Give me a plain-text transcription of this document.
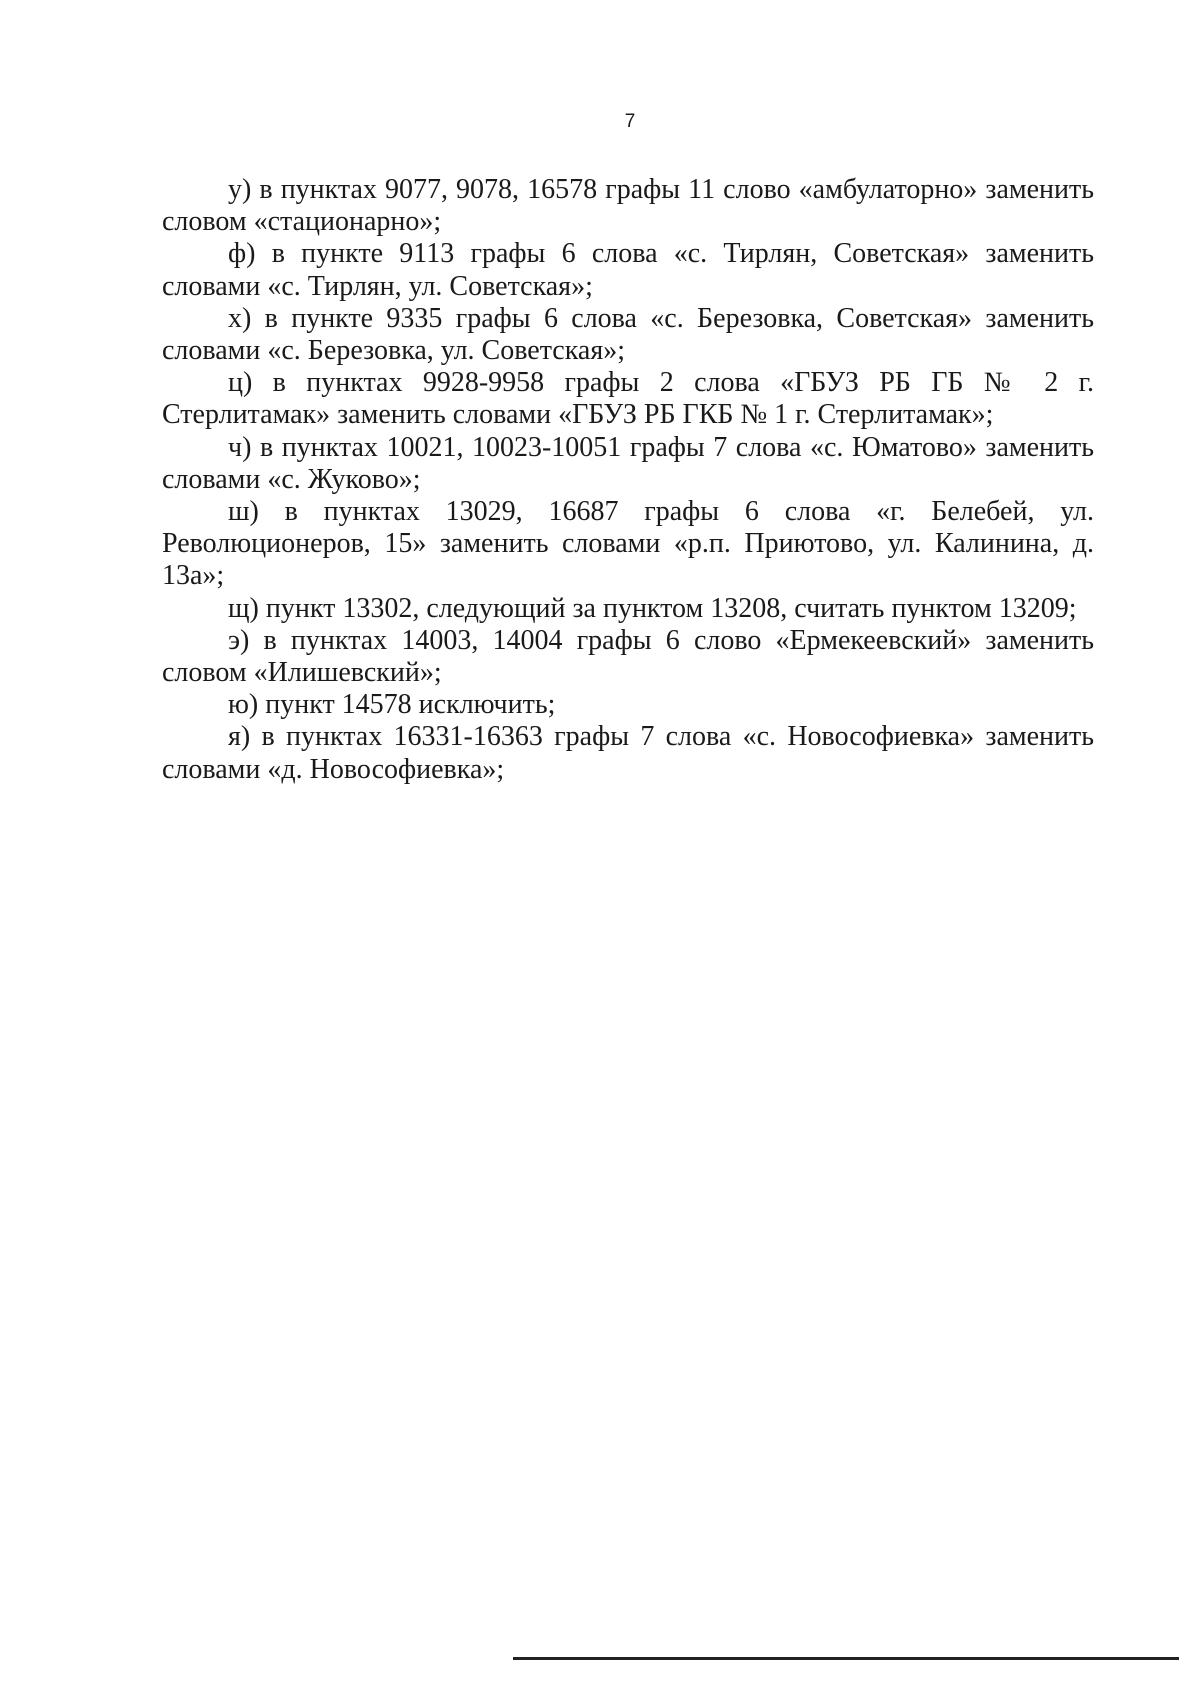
7

у) в пунктах 9077, 9078, 16578 графы 11 слово «амбулаторно» заменить словом «стационарно»;

ф) в пункте 9113 графы 6 слова «с. Тирлян, Советская» заменить словами «с. Тирлян, ул. Советская»;

х) в пункте 9335 графы 6 слова «с. Березовка, Советская» заменить словами «с. Березовка, ул. Советская»;

ц) в пунктах 9928-9958 графы 2 слова «ГБУЗ РБ ГБ № 2 г. Стерлитамак» заменить словами «ГБУЗ РБ ГКБ № 1 г. Стерлитамак»;

ч) в пунктах 10021, 10023-10051 графы 7 слова «с. Юматово» заменить словами «с. Жуково»;

ш) в пунктах 13029, 16687 графы 6 слова «г. Белебей, ул. Революционеров, 15» заменить словами «р.п. Приютово, ул. Калинина, д. 13а»;

щ) пункт 13302, следующий за пунктом 13208, считать пунктом 13209;

э) в пунктах 14003, 14004 графы 6 слово «Ермекеевский» заменить словом «Илишевский»;

ю) пункт 14578 исключить;

я) в пунктах 16331-16363 графы 7 слова «с. Новософиевка» заменить словами «д. Новософиевка»;
